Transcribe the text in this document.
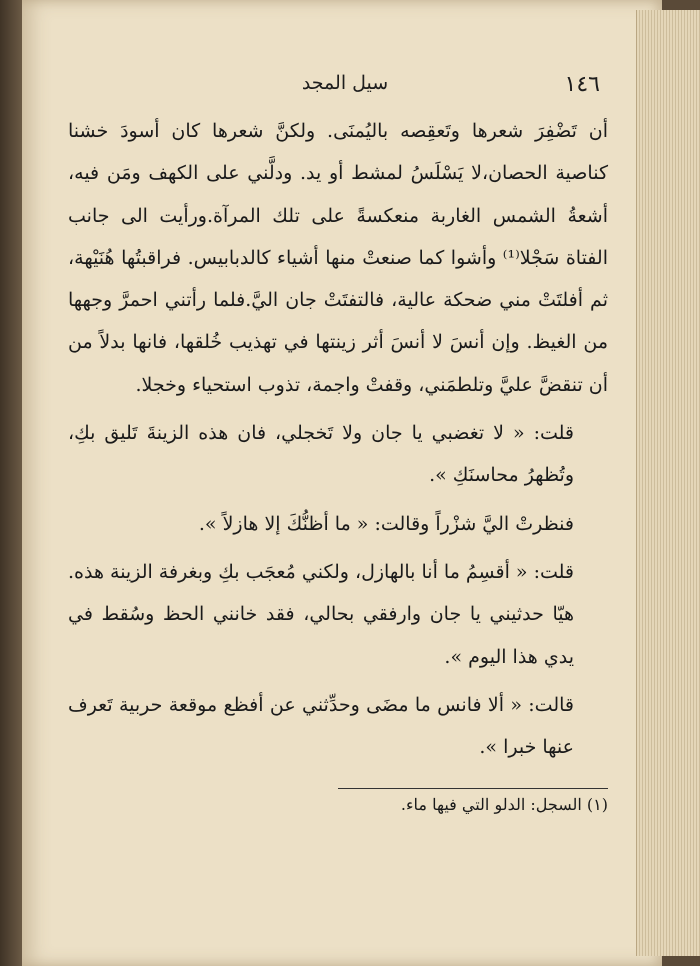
١٤٦
سيل المجد

أن تَضْفِرَ شعرها وتَعقِصه باليُمنَى. ولكنَّ شعرها كان أسودَ خشنا كناصية الحصان،لا يَسْلَسُ لمشط أو يد. ودلَّني على الكهف ومَن فيه، أشعةُ الشمس الغاربة منعكسةً على تلك المرآة.ورأيت الى جانب الفتاة سَجْلا⁽¹⁾ وأشوا كما صنعتْ منها أشياء كالدبابيس. فراقبتُها هُنَيْهة، ثم أفلتَتْ مني ضحكة عالية، فالتفتَتْ جان اليَّ.فلما رأتني احمرَّ وجهها من الغيظ. وإن أنسَ لا أنسَ أثر زينتها في تهذيب خُلقها، فانها بدلاً من أن تنقضَّ عليَّ وتلطمَني، وقفتْ واجمة، تذوب استحياء وخجلا.

قلت: « لا تغضبي يا جان ولا تَخجلي، فان هذه الزينةَ تَليق بكِ، وتُظهرُ محاسنَكِ ».

فنظرتْ اليَّ شزْراً وقالت: « ما أظنُّكَ إلا هازلاً ».

قلت: « أقسِمُ ما أنا بالهازل، ولكني مُعجَب بكِ وبغرفة الزينة هذه. هيّا حدثيني يا جان وارفقي بحالي، فقد خانني الحظ وسُقط في يدي هذا اليوم ».

قالت: « ألا فانس ما مضَى وحدِّثني عن أفظع موقعة حربية تَعرف عنها خبرا ».

(١) السجل: الدلو التي فيها ماء.
